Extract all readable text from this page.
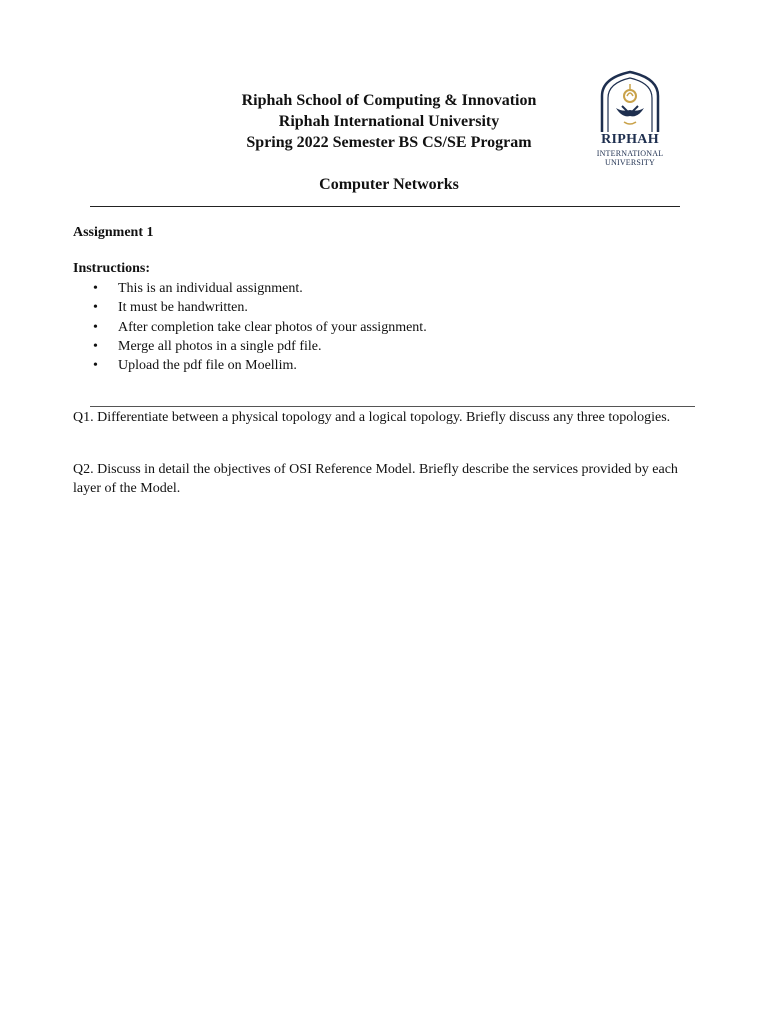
Riphah School of Computing & Innovation
Riphah International University
Spring 2022 Semester BS CS/SE Program
Computer Networks
RIPHAH
INTERNATIONAL
UNIVERSITY
Assignment 1
Instructions:
• This is an individual assignment.
• It must be handwritten.
• After completion take clear photos of your assignment.
• Merge all photos in a single pdf file.
• Upload the pdf file on Moellim.
Q1. Differentiate between a physical topology and a logical topology. Briefly discuss any three topologies.
Q2. Discuss in detail the objectives of OSI Reference Model. Briefly describe the services provided by each layer of the Model.
